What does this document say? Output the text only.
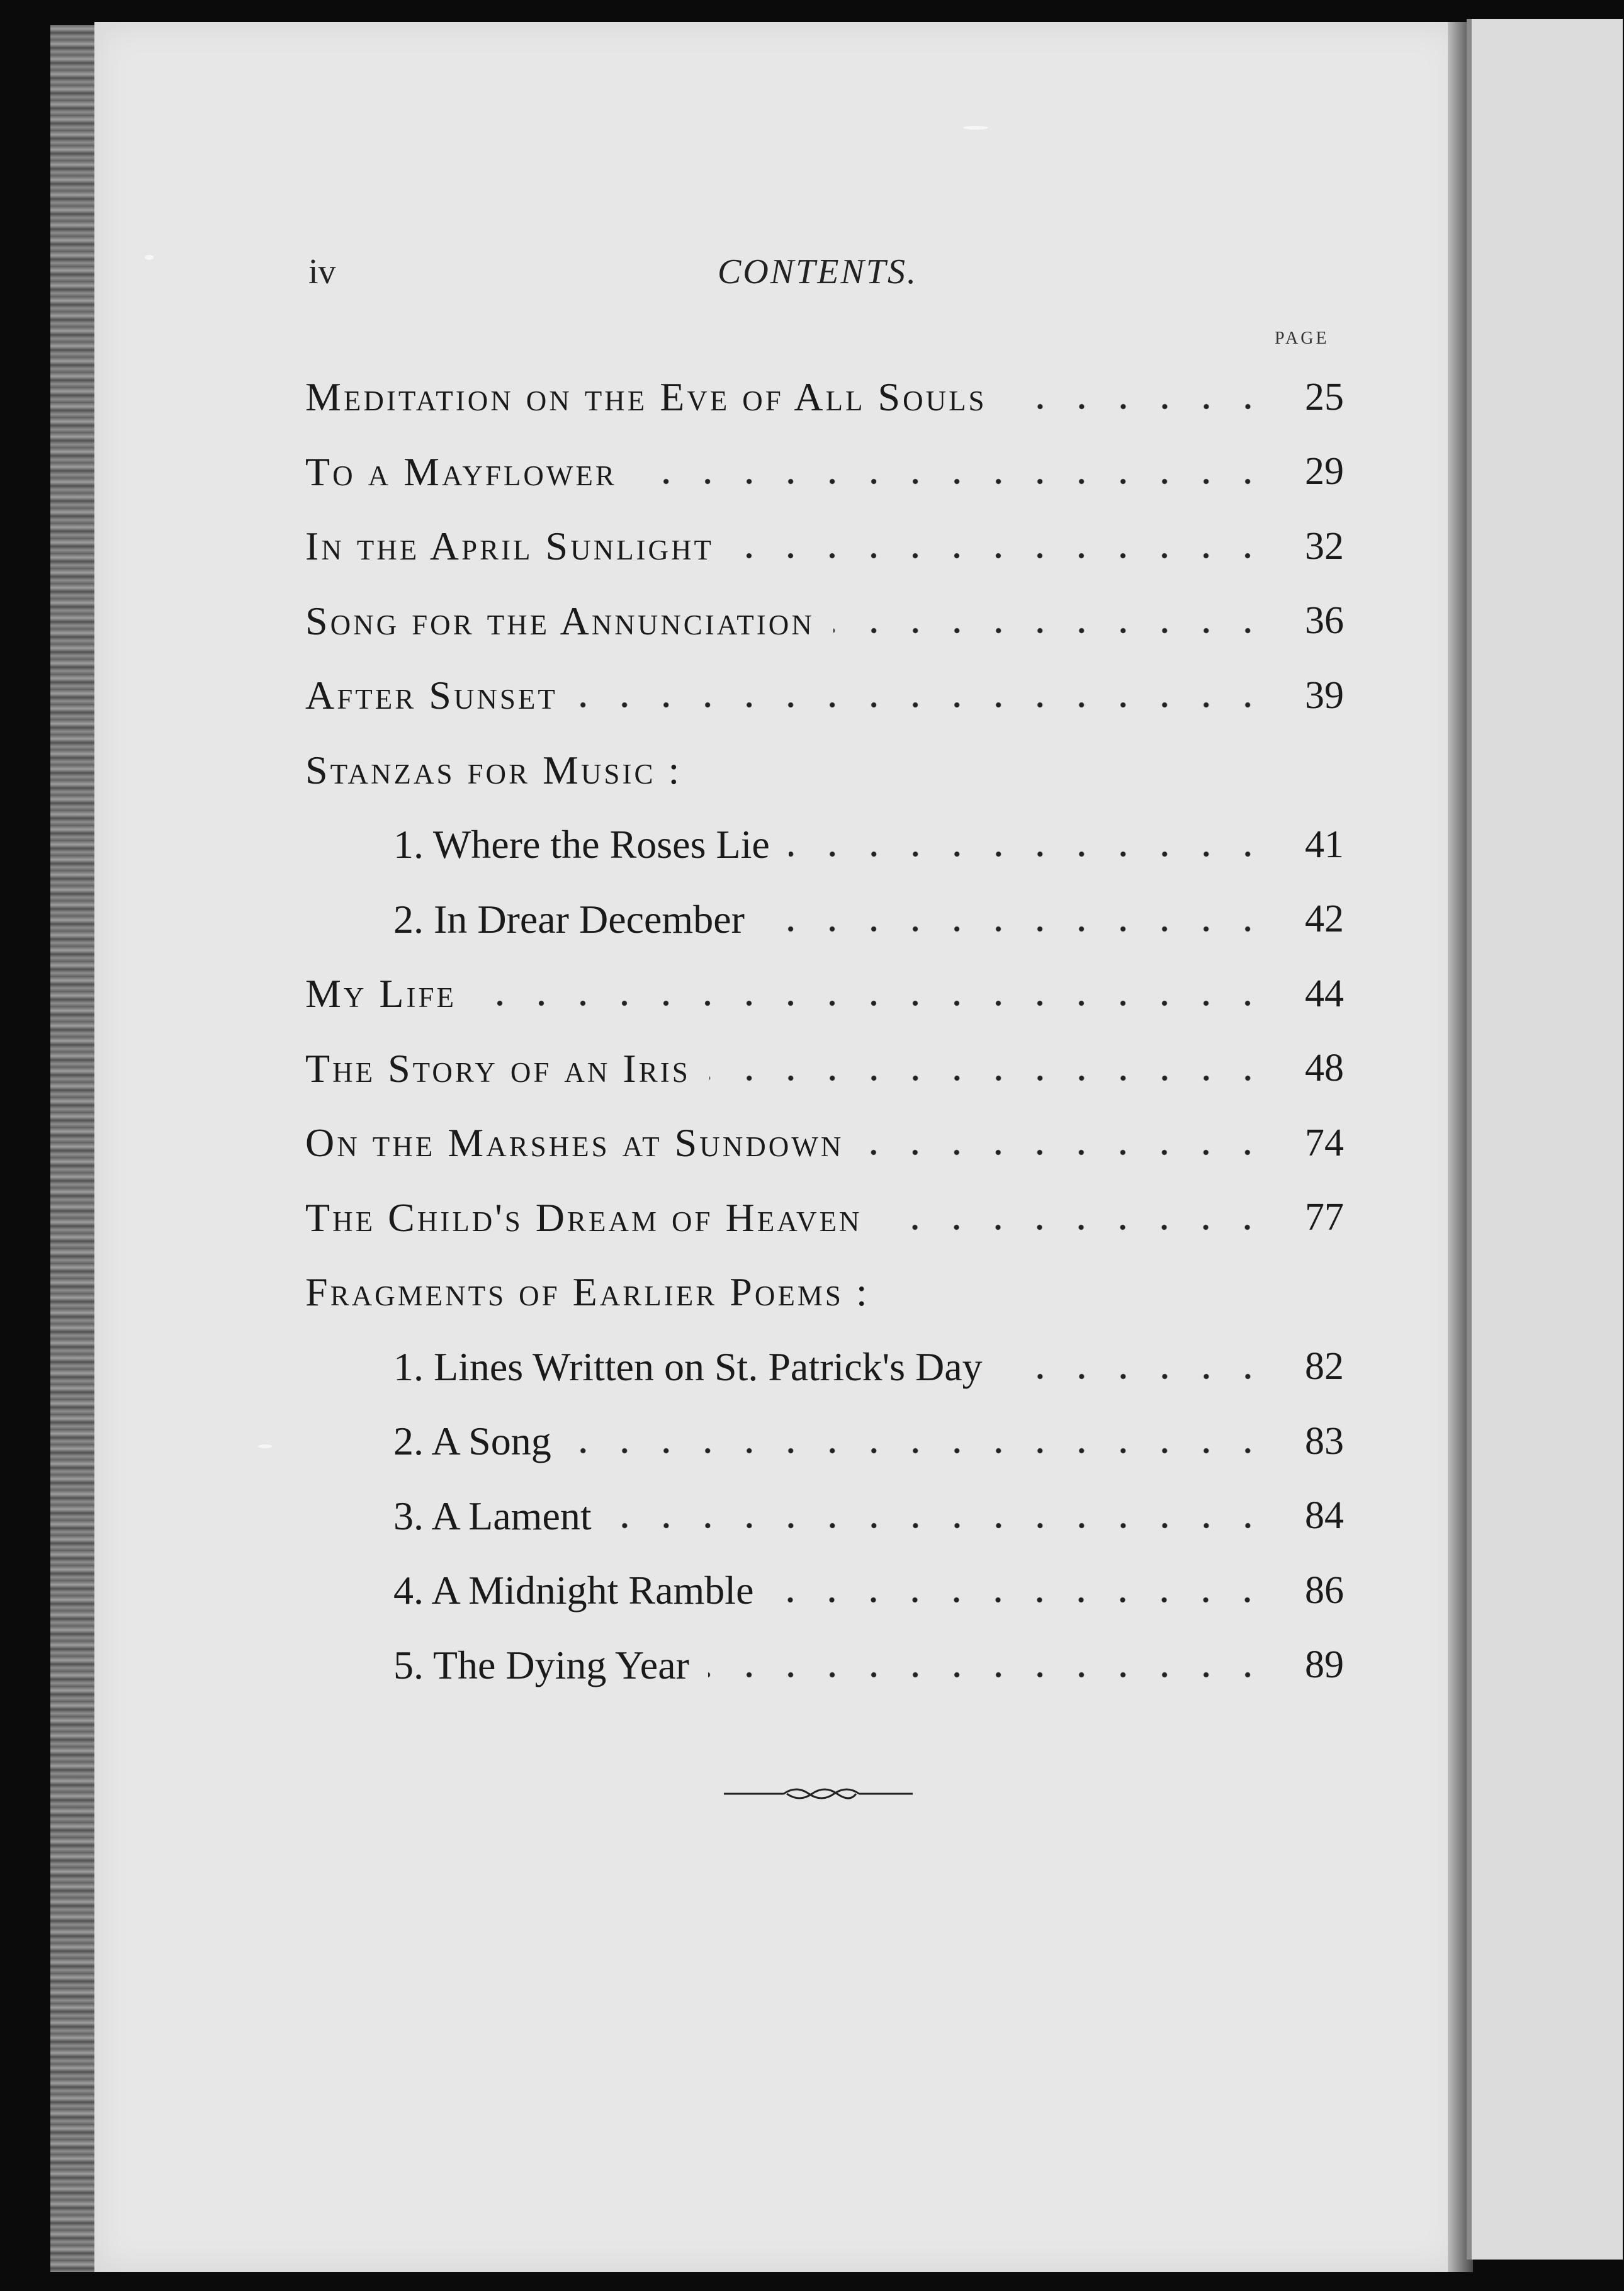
iv	CONTENTS.
PAGE
Meditation on the Eve of All Souls	25
To a Mayflower	29
In the April Sunlight	32
Song for the Annunciation	36
After Sunset	39
Stanzas for Music :
1. Where the Roses Lie	41
2. In Drear December	42
My Life	44
The Story of an Iris	48
On the Marshes at Sundown	74
The Child's Dream of Heaven	77
Fragments of Earlier Poems :
1. Lines Written on St. Patrick's Day	82
2. A Song	83
3. A Lament	84
4. A Midnight Ramble	86
5. The Dying Year	89
